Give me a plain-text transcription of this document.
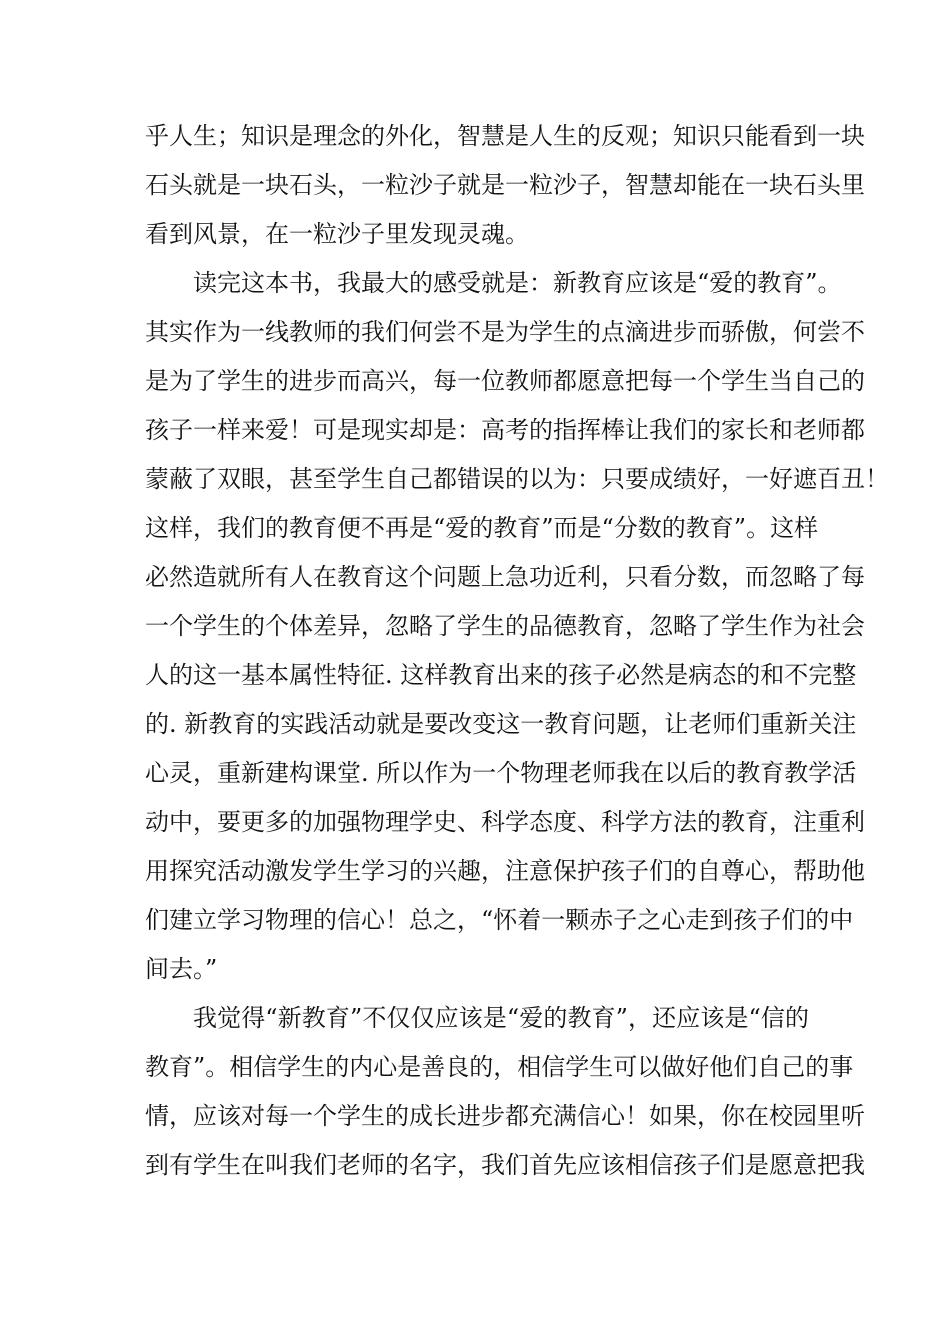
乎人生；知识是理念的外化，智慧是人生的反观；知识只能看到一块
石头就是一块石头，一粒沙子就是一粒沙子，智慧却能在一块石头里
看到风景，在一粒沙子里发现灵魂。
读完这本书，我最大的感受就是：新教育应该是“爱的教育”。
其实作为一线教师的我们何尝不是为学生的点滴进步而骄傲，何尝不
是为了学生的进步而高兴，每一位教师都愿意把每一个学生当自己的
孩子一样来爱！可是现实却是：高考的指挥棒让我们的家长和老师都
蒙蔽了双眼，甚至学生自己都错误的以为：只要成绩好，一好遮百丑！
这样，我们的教育便不再是“爱的教育”而是“分数的教育”。这样
必然造就所有人在教育这个问题上急功近利，只看分数，而忽略了每
一个学生的个体差异，忽略了学生的品德教育，忽略了学生作为社会
人的这一基本属性特征. 这样教育出来的孩子必然是病态的和不完整
的. 新教育的实践活动就是要改变这一教育问题，让老师们重新关注
心灵，重新建构课堂. 所以作为一个物理老师我在以后的教育教学活
动中，要更多的加强物理学史、科学态度、科学方法的教育，注重利
用探究活动激发学生学习的兴趣，注意保护孩子们的自尊心，帮助他
们建立学习物理的信心！总之，“怀着一颗赤子之心走到孩子们的中
间去。”
我觉得“新教育”不仅仅应该是“爱的教育”，还应该是“信的
教育”。相信学生的内心是善良的，相信学生可以做好他们自己的事
情，应该对每一个学生的成长进步都充满信心！如果，你在校园里听
到有学生在叫我们老师的名字，我们首先应该相信孩子们是愿意把我
